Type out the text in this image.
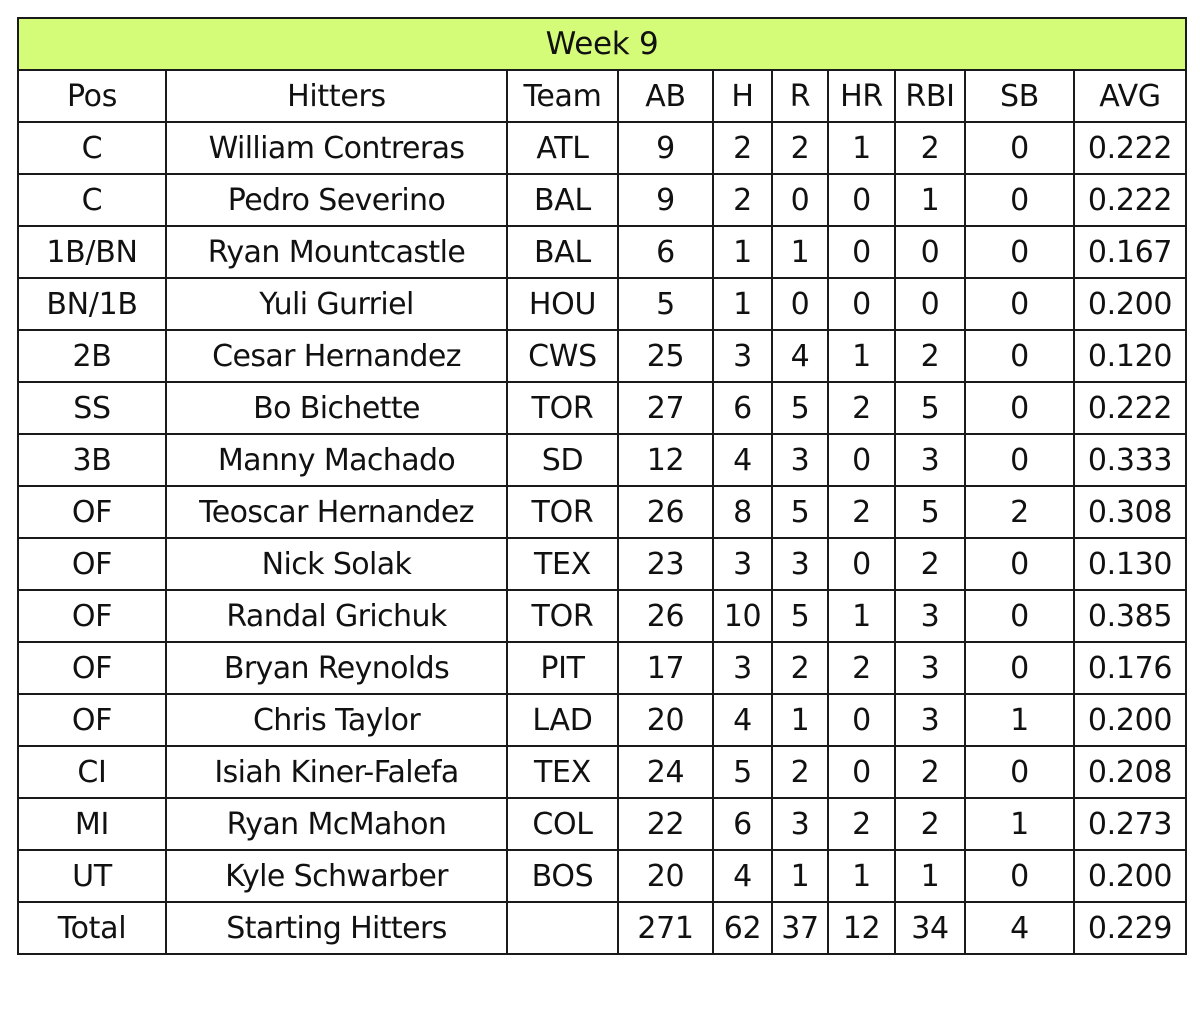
Week 9									
Pos	Hitters	Team	AB	H	R	HR	RBI	SB	AVG
C	William Contreras	ATL	9	2	2	1	2	0	0.222
C	Pedro Severino	BAL	9	2	0	0	1	0	0.222
1B/BN	Ryan Mountcastle	BAL	6	1	1	0	0	0	0.167
BN/1B	Yuli Gurriel	HOU	5	1	0	0	0	0	0.200
2B	Cesar Hernandez	CWS	25	3	4	1	2	0	0.120
SS	Bo Bichette	TOR	27	6	5	2	5	0	0.222
3B	Manny Machado	SD	12	4	3	0	3	0	0.333
OF	Teoscar Hernandez	TOR	26	8	5	2	5	2	0.308
OF	Nick Solak	TEX	23	3	3	0	2	0	0.130
OF	Randal Grichuk	TOR	26	10	5	1	3	0	0.385
OF	Bryan Reynolds	PIT	17	3	2	2	3	0	0.176
OF	Chris Taylor	LAD	20	4	1	0	3	1	0.200
CI	Isiah Kiner-Falefa	TEX	24	5	2	0	2	0	0.208
MI	Ryan McMahon	COL	22	6	3	2	2	1	0.273
UT	Kyle Schwarber	BOS	20	4	1	1	1	0	0.200
Total	Starting Hitters		271	62	37	12	34	4	0.229
